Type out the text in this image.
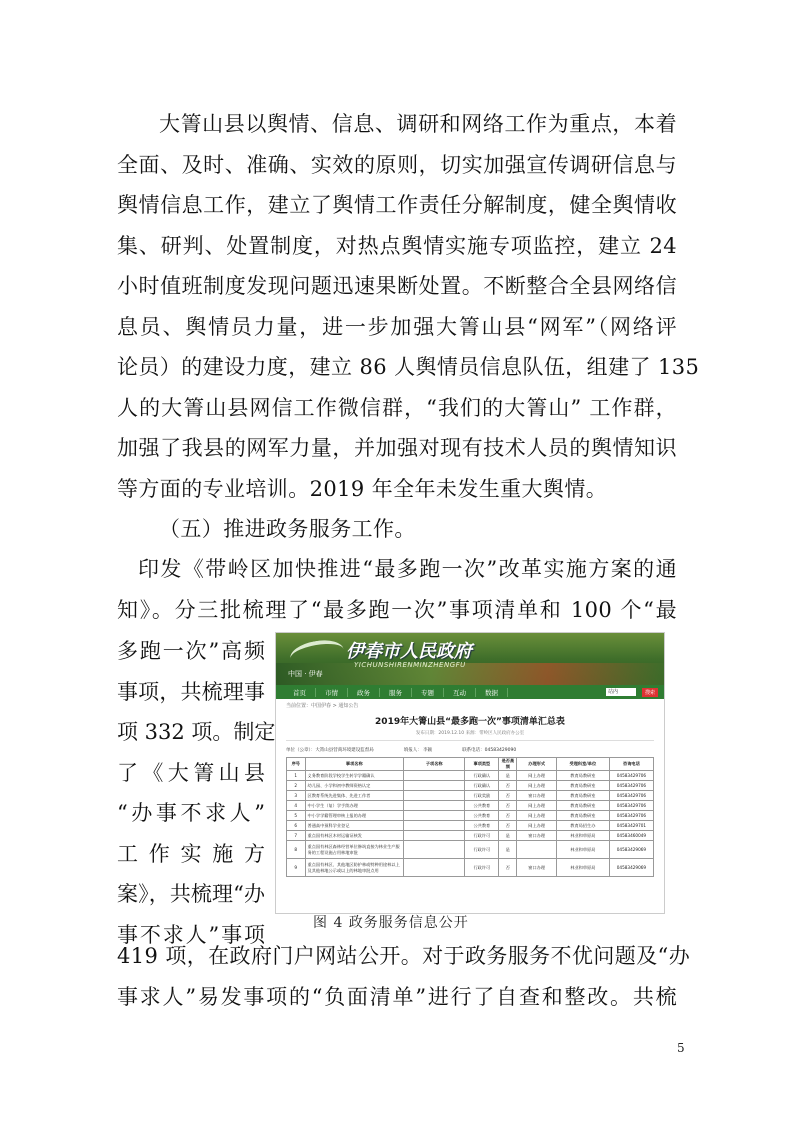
大箐山县以舆情、信息、调研和网络工作为重点，本着
全面、及时、准确、实效的原则，切实加强宣传调研信息与
舆情信息工作，建立了舆情工作责任分解制度，健全舆情收
集、研判、处置制度，对热点舆情实施专项监控，建立 24
小时值班制度发现问题迅速果断处置。不断整合全县网络信
息员、舆情员力量，进一步加强大箐山县“网军”（网络评
论员）的建设力度，建立 86 人舆情员信息队伍，组建了 135
人的大箐山县网信工作微信群，“我们的大箐山” 工作群，
加强了我县的网军力量，并加强对现有技术人员的舆情知识
等方面的专业培训。2019 年全年未发生重大舆情。
（五）推进政务服务工作。
印发《带岭区加快推进“最多跑一次”改革实施方案的通
知》。分三批梳理了“最多跑一次”事项清单和 100 个“最
多跑一次”高频
事项，共梳理事
项 332 项。制定
了《大箐山县
“办事不求人”
工作实施方
案》，共梳理“办
事不求人”事项
伊春市人民政府
YICHUNSHIRENMINZHENGFU
中国 · 伊春
首页	市情	政务	服务	专题	互动	数据	站内	搜索
当前位置：中国伊春 > 通知公告
2019年大箐山县“最多跑一次”事项清单汇总表
发布日期：2019.12.10 来源：带岭区人民政府办公室
单位（公章）：大箐山县营商环境建设监督局	填报人： 李颖	联系电话：0458342909​0
序号	事项名称	子项名称	事项类型	是否高频	办理形式	受理科室/单位	咨询电话
1	义务教育阶段学校学生转学学籍确认		行政确认	是	网上办理	教育局教研室	04583429706
2	幼儿园、小学和初中教师资格认定		行政确认	否	网上办理	教育局教研室	04583429706
3	区教育系统先进集体、先进工作者		行政奖励	否	窗口办理	教育局教研室	04583429706
4	中小学生（复）学手续办理		公共教育	否	网上办理	教育局教研室	04583429706
5	中小学学籍管理审核上报的办理		公共教育	否	网上办理	教育局教研室	04583429706
6	普通高中预科学业登记		公共教育	否	网上办理	教育局招生办	04583429701
7	重点国有林区木材运输证核发		行政许可	是	窗口办理	林业和草原局	04583460049
8	重点国有林区森林经营单位修筑直接为林业生产服务的工程设施占用林地审批		行政许可	是		林业和草原局	04583429069
9	重点国有林区、其他地区防护林或特种用途林以上及其他林地公示或以上的林地审批点用		行政许可	否	窗口办理	林业和草原局	04583429069
图 4 政务服务信息公开
419 项，在政府门户网站公开。对于政务服务不优问题及“办
事求人”易发事项的“负面清单”进行了自查和整改。共梳
5
